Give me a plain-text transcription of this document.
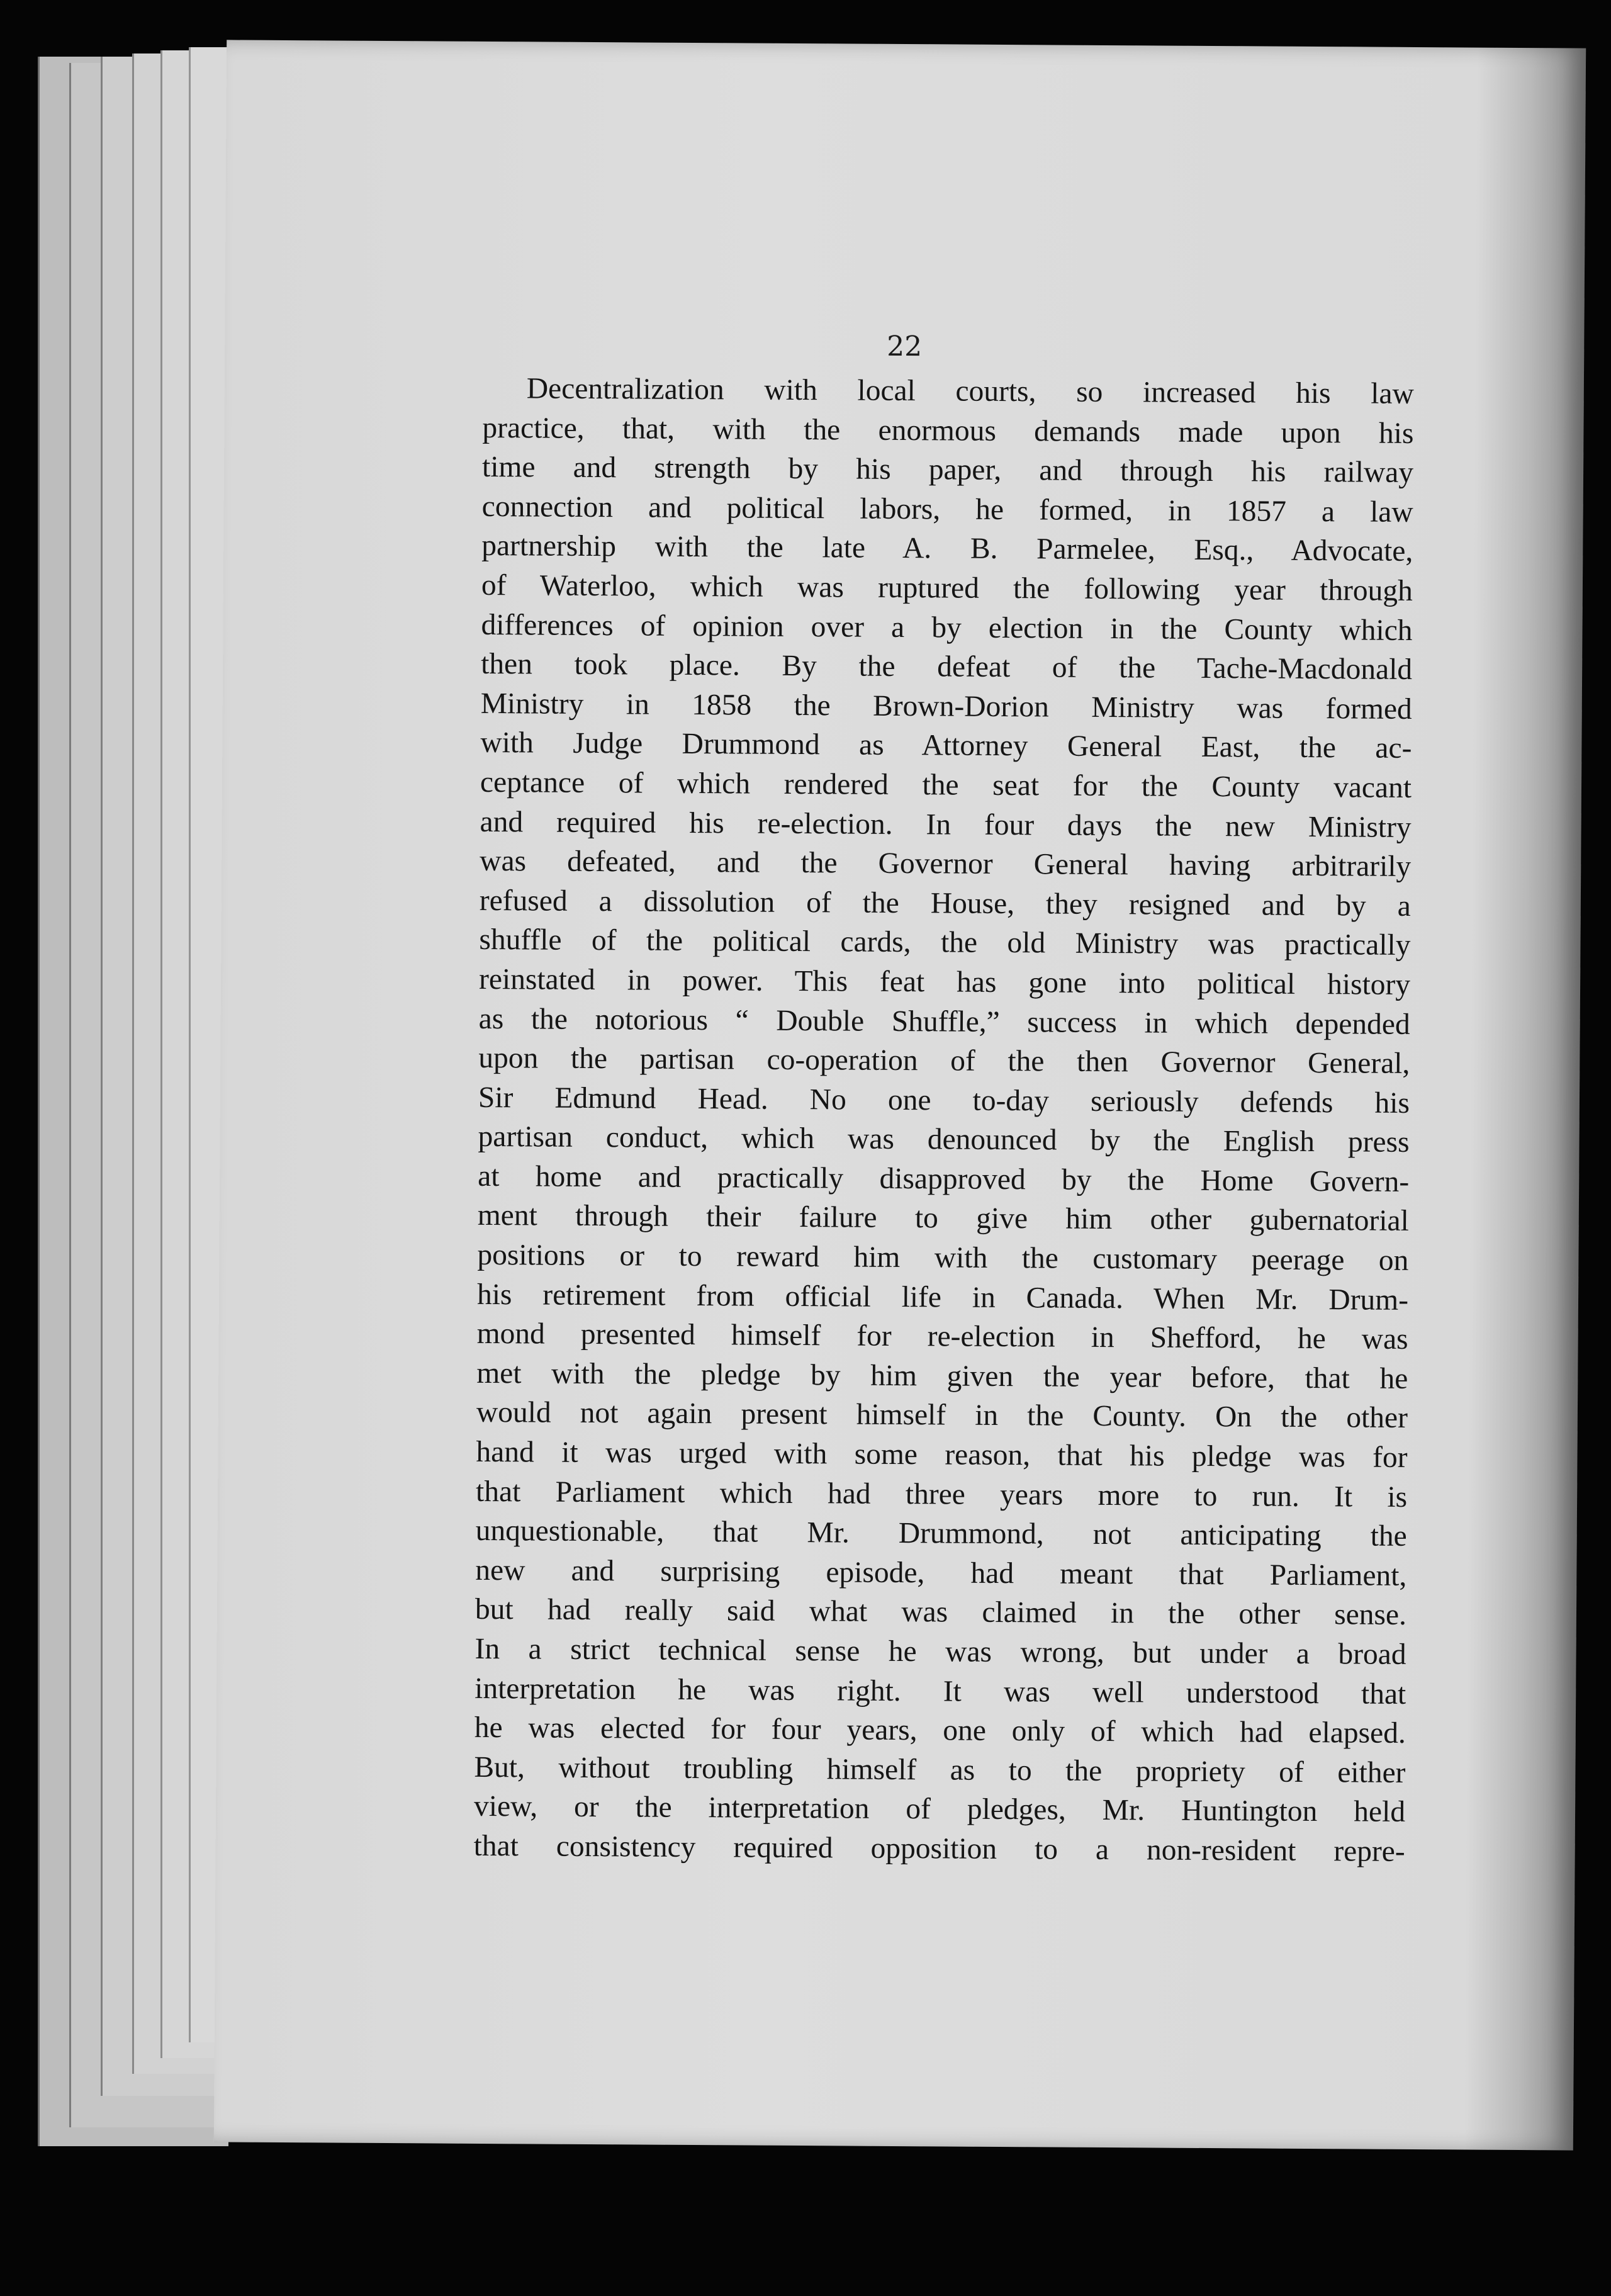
22
Decentralization with local courts, so increased his law
practice, that, with the enormous demands made upon his
time and strength by his paper, and through his railway
connection and political labors, he formed, in 1857 a law
partnership with the late A. B. Parmelee, Esq., Advocate,
of Waterloo, which was ruptured the following year through
differences of opinion over a by election in the County which
then took place. By the defeat of the Tache-Macdonald
Ministry in 1858 the Brown-Dorion Ministry was formed
with Judge Drummond as Attorney General East, the ac-
ceptance of which rendered the seat for the County vacant
and required his re-election. In four days the new Ministry
was defeated, and the Governor General having arbitrarily
refused a dissolution of the House, they resigned and by a
shuffle of the political cards, the old Ministry was practically
reinstated in power. This feat has gone into political history
as the notorious “ Double Shuffle,” success in which depended
upon the partisan co-operation of the then Governor General,
Sir Edmund Head. No one to-day seriously defends his
partisan conduct, which was denounced by the English press
at home and practically disapproved by the Home Govern-
ment through their failure to give him other gubernatorial
positions or to reward him with the customary peerage on
his retirement from official life in Canada. When Mr. Drum-
mond presented himself for re-election in Shefford, he was
met with the pledge by him given the year before, that he
would not again present himself in the County. On the other
hand it was urged with some reason, that his pledge was for
that Parliament which had three years more to run. It is
unquestionable, that Mr. Drummond, not anticipating the
new and surprising episode, had meant that Parliament,
but had really said what was claimed in the other sense.
In a strict technical sense he was wrong, but under a broad
interpretation he was right. It was well understood that
he was elected for four years, one only of which had elapsed.
But, without troubling himself as to the propriety of either
view, or the interpretation of pledges, Mr. Huntington held
that consistency required opposition to a non-resident repre-
